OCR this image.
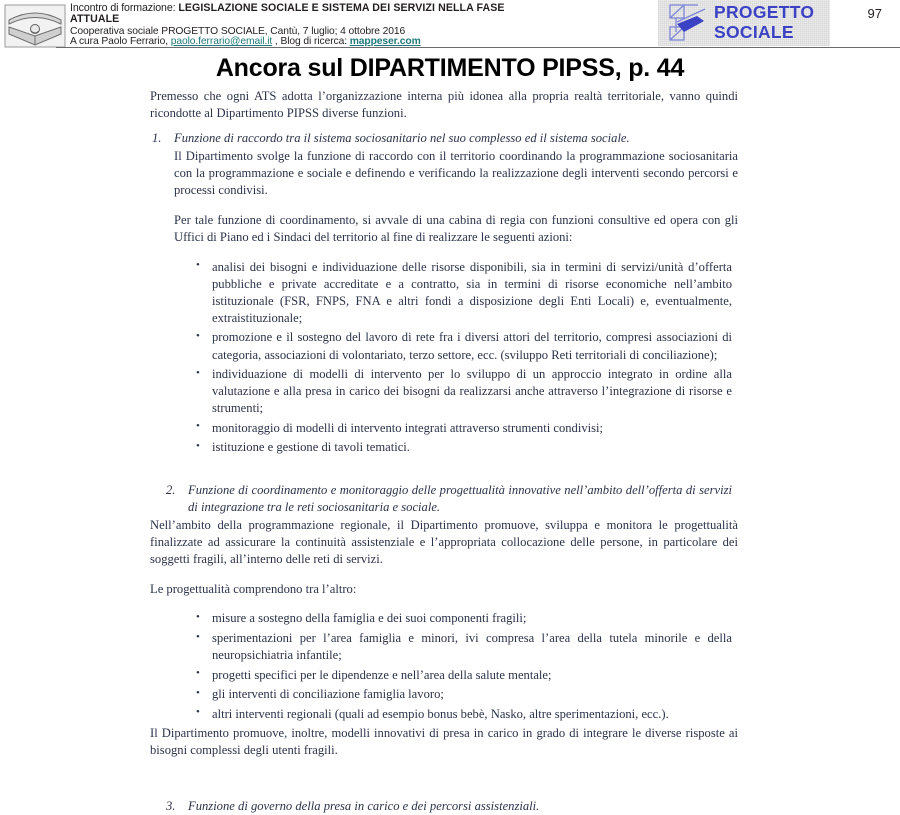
Incontro di formazione: LEGISLAZIONE SOCIALE E SISTEMA DEI SERVIZI NELLA FASE
ATTUALE
Cooperativa sociale PROGETTO SOCIALE, Cantù, 7 luglio; 4 ottobre 2016
A cura Paolo Ferrario, paolo.ferrario@email.it , Blog di ricerca: mappeser.com
PROGETTO
SOCIALE
97
Ancora sul DIPARTIMENTO PIPSS, p. 44

Premesso che ogni ATS adotta l’organizzazione interna più idonea alla propria realtà territoriale, vanno quindi ricondotte al Dipartimento PIPSS diverse funzioni.

1. Funzione di raccordo tra il sistema sociosanitario nel suo complesso ed il sistema sociale.

Il Dipartimento svolge la funzione di raccordo con il territorio coordinando la programmazione sociosanitaria con la programmazione e sociale e definendo e verificando la realizzazione degli interventi secondo percorsi e processi condivisi.

Per tale funzione di coordinamento, si avvale di una cabina di regia con funzioni consultive ed opera con gli Uffici di Piano ed i Sindaci del territorio al fine di realizzare le seguenti azioni:

• analisi dei bisogni e individuazione delle risorse disponibili, sia in termini di servizi/unità d’offerta pubbliche e private accreditate e a contratto, sia in termini di risorse economiche nell’ambito istituzionale (FSR, FNPS, FNA e altri fondi a disposizione degli Enti Locali) e, eventualmente, extraistituzionale;
• promozione e il sostegno del lavoro di rete fra i diversi attori del territorio, compresi associazioni di categoria, associazioni di volontariato, terzo settore, ecc. (sviluppo Reti territoriali di conciliazione);
• individuazione di modelli di intervento per lo sviluppo di un approccio integrato in ordine alla valutazione e alla presa in carico dei bisogni da realizzarsi anche attraverso l’integrazione di risorse e strumenti;
• monitoraggio di modelli di intervento integrati attraverso strumenti condivisi;
• istituzione e gestione di tavoli tematici.
2. Funzione di coordinamento e monitoraggio delle progettualità innovative nell’ambito dell’offerta di servizi di integrazione tra le reti sociosanitaria e sociale.

Nell’ambito della programmazione regionale, il Dipartimento promuove, sviluppa e monitora le progettualità finalizzate ad assicurare la continuità assistenziale e l’appropriata collocazione delle persone, in particolare dei soggetti fragili, all’interno delle reti di servizi.

Le progettualità comprendono tra l’altro:

• misure a sostegno della famiglia e dei suoi componenti fragili;
• sperimentazioni per l’area famiglia e minori, ivi compresa l’area della tutela minorile e della neuropsichiatria infantile;
• progetti specifici per le dipendenze e nell’area della salute mentale;
• gli interventi di conciliazione famiglia lavoro;
• altri interventi regionali (quali ad esempio bonus bebè, Nasko, altre sperimentazioni, ecc.).

Il Dipartimento promuove, inoltre, modelli innovativi di presa in carico in grado di integrare le diverse risposte ai bisogni complessi degli utenti fragili.

3. Funzione di governo della presa in carico e dei percorsi assistenziali.
